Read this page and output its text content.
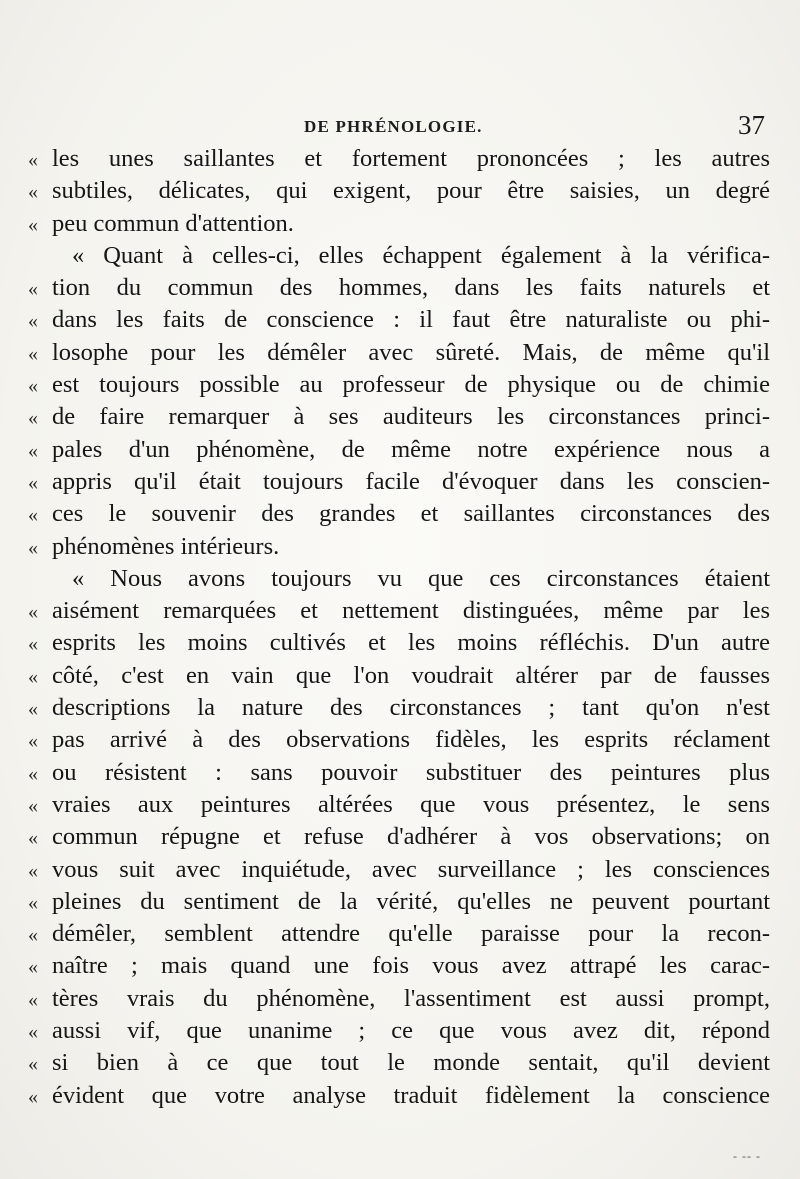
DE PHRÉNOLOGIE.	37
« les unes saillantes et fortement prononcées ; les autres
« subtiles, délicates, qui exigent, pour être saisies, un degré
« peu commun d'attention.
« Quant à celles-ci, elles échappent également à la vérifica-
« tion du commun des hommes, dans les faits naturels et
« dans les faits de conscience : il faut être naturaliste ou phi-
« losophe pour les démêler avec sûreté. Mais, de même qu'il
« est toujours possible au professeur de physique ou de chimie
« de faire remarquer à ses auditeurs les circonstances princi-
« pales d'un phénomène, de même notre expérience nous a
« appris qu'il était toujours facile d'évoquer dans les conscien-
« ces le souvenir des grandes et saillantes circonstances des
« phénomènes intérieurs.
« Nous avons toujours vu que ces circonstances étaient
« aisément remarquées et nettement distinguées, même par les
« esprits les moins cultivés et les moins réfléchis. D'un autre
« côté, c'est en vain que l'on voudrait altérer par de fausses
« descriptions la nature des circonstances ; tant qu'on n'est
« pas arrivé à des observations fidèles, les esprits réclament
« ou résistent : sans pouvoir substituer des peintures plus
« vraies aux peintures altérées que vous présentez, le sens
« commun répugne et refuse d'adhérer à vos observations; on
« vous suit avec inquiétude, avec surveillance ; les consciences
« pleines du sentiment de la vérité, qu'elles ne peuvent pourtant
« démêler, semblent attendre qu'elle paraisse pour la recon-
« naître ; mais quand une fois vous avez attrapé les carac-
« tères vrais du phénomène, l'assentiment est aussi prompt,
« aussi vif, que unanime ; ce que vous avez dit, répond
« si bien à ce que tout le monde sentait, qu'il devient
« évident que votre analyse traduit fidèlement la conscience
- -- -
